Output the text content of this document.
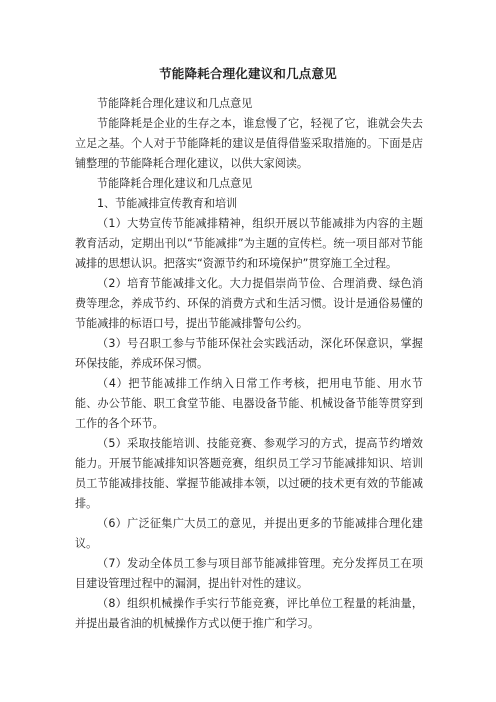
节能降耗合理化建议和几点意见

节能降耗合理化建议和几点意见

节能降耗是企业的生存之本，谁怠慢了它，轻视了它，谁就会失去立足之基。个人对于节能降耗的建议是值得借鉴采取措施的。下面是店铺整理的节能降耗合理化建议，以供大家阅读。

节能降耗合理化建议和几点意见

1、节能减排宣传教育和培训

（1）大势宣传节能减排精神，组织开展以节能减排为内容的主题教育活动，定期出刊以“节能减排”为主题的宣传栏。统一项目部对节能减排的思想认识。把落实“资源节约和环境保护”贯穿施工全过程。

（2）培育节能减排文化。大力提倡崇尚节俭、合理消费、绿色消费等理念，养成节约、环保的消费方式和生活习惯。设计是通俗易懂的节能减排的标语口号，提出节能减排警句公约。

（3）号召职工参与节能环保社会实践活动，深化环保意识，掌握环保技能，养成环保习惯。

（4）把节能减排工作纳入日常工作考核，把用电节能、用水节能、办公节能、职工食堂节能、电器设备节能、机械设备节能等贯穿到工作的各个环节。

（5）采取技能培训、技能竞赛、参观学习的方式，提高节约增效能力。开展节能减排知识答题竞赛，组织员工学习节能减排知识、培训员工节能减排技能、掌握节能减排本领，以过硬的技术更有效的节能减排。

（6）广泛征集广大员工的意见，并提出更多的节能减排合理化建议。

（7）发动全体员工参与项目部节能减排管理。充分发挥员工在项目建设管理过程中的漏洞，提出针对性的建议。

（8）组织机械操作手实行节能竞赛，评比单位工程量的耗油量，并提出最省油的机械操作方式以便于推广和学习。
